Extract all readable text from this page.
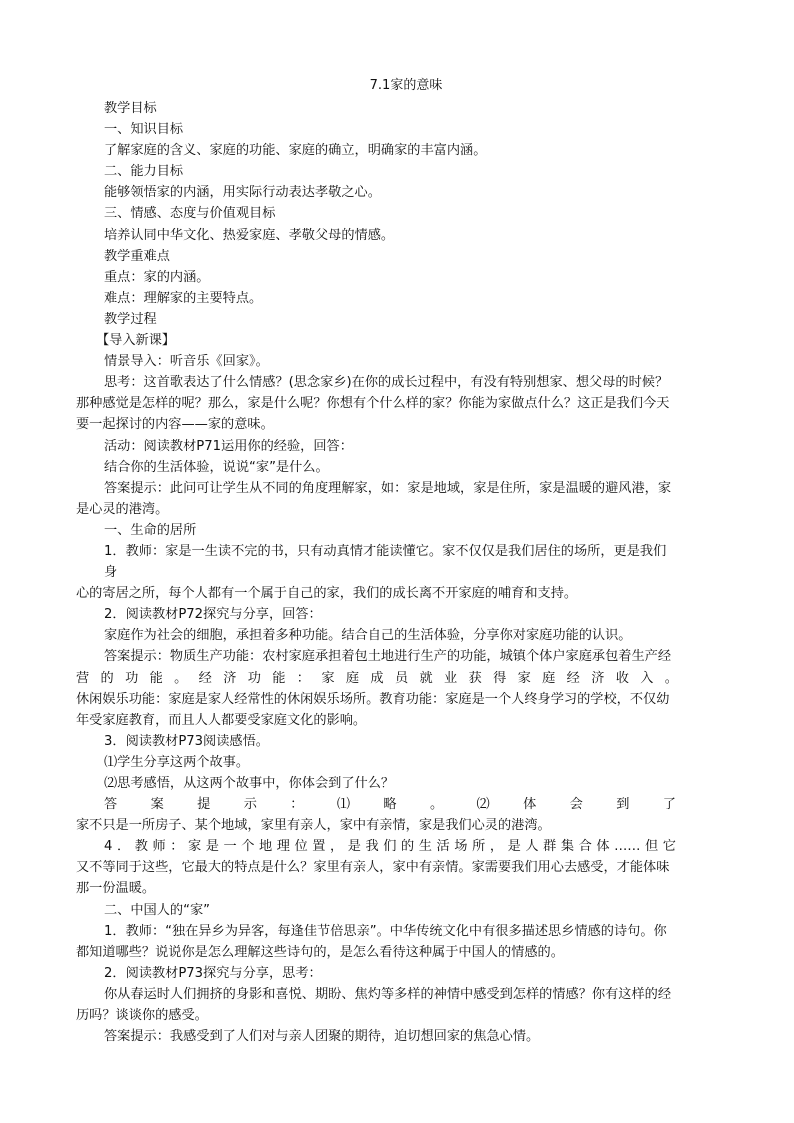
7.1家的意味

教学目标

一、知识目标

了解家庭的含义、家庭的功能、家庭的确立，明确家的丰富内涵。

二、能力目标

能够领悟家的内涵，用实际行动表达孝敬之心。

三、情感、态度与价值观目标

培养认同中华文化、热爱家庭、孝敬父母的情感。

教学重难点

重点：家的内涵。

难点：理解家的主要特点。

教学过程

【导入新课】

情景导入：听音乐《回家》。

思考：这首歌表达了什么情感？(思念家乡)在你的成长过程中，有没有特别想家、想父母的时候？

那种感觉是怎样的呢？那么，家是什么呢？你想有个什么样的家？你能为家做点什么？这正是我们今天

要一起探讨的内容——家的意味。

活动：阅读教材P71运用你的经验，回答：

结合你的生活体验，说说“家”是什么。

答案提示：此问可让学生从不同的角度理解家，如：家是地域，家是住所，家是温暖的避风港，家

是心灵的港湾。

一、生命的居所

1．教师：家是一生读不完的书，只有动真情才能读懂它。家不仅仅是我们居住的场所，更是我们身

心的寄居之所，每个人都有一个属于自己的家，我们的成长离不开家庭的哺育和支持。

2．阅读教材P72探究与分享，回答：

家庭作为社会的细胞，承担着多种功能。结合自己的生活体验，分享你对家庭功能的认识。

答案提示：物质生产功能：农村家庭承担着包土地进行生产的功能，城镇个体户家庭承包着生产经

营的功能。经济功能：家庭成员就业获得家庭经济收入。

休闲娱乐功能：家庭是家人经常性的休闲娱乐场所。教育功能：家庭是一个人终身学习的学校，不仅幼

年受家庭教育，而且人人都要受家庭文化的影响。

3．阅读教材P73阅读感悟。

⑴学生分享这两个故事。

⑵思考感悟，从这两个故事中，你体会到了什么？

答案提示：⑴略。⑵体会到了

家不只是一所房子、某个地域，家里有亲人，家中有亲情，家是我们心灵的港湾。

4．教师：家是一个地理位置，是我们的生活场所，是人群集合体……但它

又不等同于这些，它最大的特点是什么？家里有亲人，家中有亲情。家需要我们用心去感受，才能体味

那一份温暖。

二、中国人的“家”

1．教师：“独在异乡为异客，每逢佳节倍思亲”。中华传统文化中有很多描述思乡情感的诗句。你

都知道哪些？说说你是怎么理解这些诗句的，是怎么看待这种属于中国人的情感的。

2．阅读教材P73探究与分享，思考：

你从春运时人们拥挤的身影和喜悦、期盼、焦灼等多样的神情中感受到怎样的情感？你有这样的经

历吗？谈谈你的感受。

答案提示：我感受到了人们对与亲人团聚的期待，迫切想回家的焦急心情。
